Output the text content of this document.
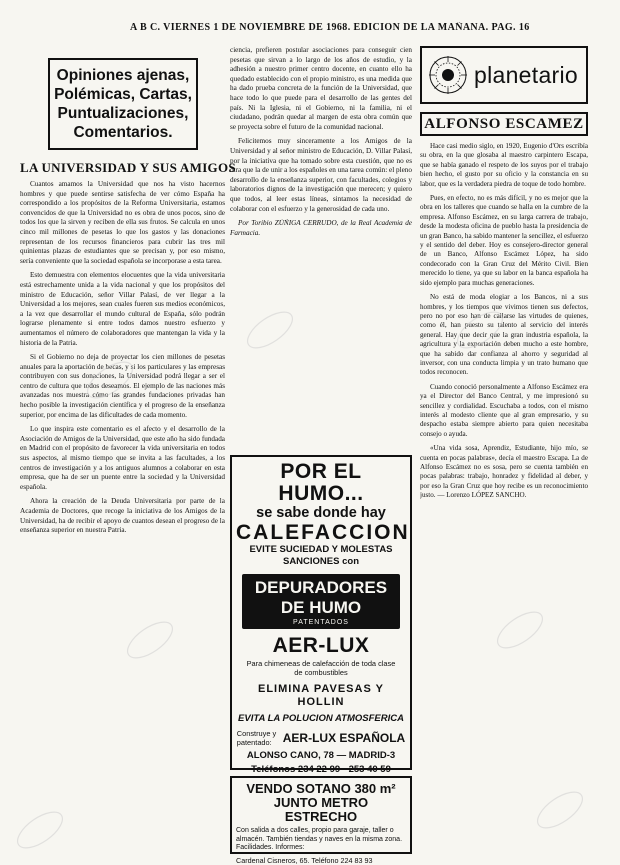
A B C. VIERNES 1 DE NOVIEMBRE DE 1968. EDICION DE LA MAÑANA. PAG. 16
Opiniones ajenas,
Polémicas, Cartas,
Puntualizaciones,
Comentarios.
LA UNIVERSIDAD Y SUS AMIGOS

Cuantos amamos la Universidad que nos ha visto hacernos hombres y que puede sentirse satisfecha de ver cómo España ha correspondido a los propósitos de la Reforma Universitaria, estamos convencidos de que la Universidad no es obra de unos pocos, sino de todos los que la sirven y reciben de ella sus frutos. Se calcula en unos cinco mil millones de pesetas lo que los gastos y las donaciones representan de los recursos financieros para cubrir las tres mil quinientas plazas de estudiantes que se precisan y, por eso mismo, sería conveniente que la sociedad española se incorporase a esta tarea.

Esto demuestra con elementos elocuentes que la vida universitaria está estrechamente unida a la vida nacional y que los propósitos del ministro de Educación, señor Villar Palasí, de ver llegar a la Universidad a los mejores, sean cuales fueren sus medios económicos, a la vez que desarrollar el mundo cultural de España, sólo podrán lograrse plenamente si entre todos damos nuestro esfuerzo y aumentamos el número de colaboradores que mantengan la vida y la historia de la Patria.

Si el Gobierno no deja de proyectar los cien millones de pesetas anuales para la aportación de becas, y si los particulares y las empresas contribuyen con sus donaciones, la Universidad podrá llegar a ser el centro de cultura que todos deseamos. El ejemplo de las naciones más avanzadas nos muestra cómo las grandes fundaciones privadas han hecho posible la investigación científica y el progreso de la enseñanza superior, por encima de las dificultades de cada momento.

Lo que inspira este comentario es el afecto y el desarrollo de la Asociación de Amigos de la Universidad, que este año ha sido fundada en Madrid con el propósito de favorecer la vida universitaria en todos sus aspectos, al mismo tiempo que se invita a las facultades, a los centros de investigación y a los antiguos alumnos a colaborar en esta empresa, que ha de ser un puente entre la sociedad y la Universidad española.

Ahora la creación de la Deuda Universitaria por parte de la Academia de Doctores, que recoge la iniciativa de los Amigos de la Universidad, ha de recibir el apoyo de cuantos desean el progreso de la enseñanza superior en nuestra Patria.

ciencia, prefieren postular asociaciones para conseguir cien pesetas que sirvan a lo largo de los años de estudio, y la adhesión a nuestro primer centro docente, en cuanto ello ha quedado establecido con el propio ministro, es una medida que ha dado prueba concreta de la función de la Universidad, que hace todo lo que puede para el desarrollo de las gentes del país. Ni la Iglesia, ni el Gobierno, ni la familia, ni el ciudadano, podrán quedar al margen de esta obra común que se proyecta sobre el futuro de la comunidad nacional.

Felicitemos muy sinceramente a los Amigos de la Universidad y al señor ministro de Educación, D. Villar Palasí, por la iniciativa que ha tomado sobre esta cuestión, que no es otra que la de unir a los españoles en una tarea común: el pleno desarrollo de la enseñanza superior, con facultades, colegios y laboratorios dignos de la investigación que merecen; y quiero que todos, al leer estas líneas, sintamos la necesidad de colaborar con el esfuerzo y la generosidad de cada uno.

Por Toribio ZÚÑIGA CERRUDO, de la Real Academia de Farmacia.

POR EL HUMO...
se sabe donde hay
CALEFACCION
EVITE SUCIEDAD Y MOLESTAS SANCIONES con
DEPURADORES DE HUMO
PATENTADOS
AER-LUX
Para chimeneas de calefacción de toda clase de combustibles
ELIMINA PAVESAS Y HOLLIN
EVITA LA POLUCION ATMOSFERICA
Construye y patentado: AER-LUX ESPAÑOLA
ALONSO CANO, 78 — MADRID-3
Teléfonos 234 22 99 - 253 40 59
VENDO SOTANO 380 m² JUNTO METRO ESTRECHO
Con salida a dos calles, propio para garaje, taller o almacén. También tiendas y naves en la misma zona. Facilidades. Informes:
Cardenal Cisneros, 65. Teléfono 224 83 93
planetario
ALFONSO ESCAMEZ

Hace casi medio siglo, en 1920, Eugenio d'Ors escribía su obra, en la que glosaba al maestro carpintero Escapa, que se había ganado el respeto de los suyos por el trabajo bien hecho, el gusto por su oficio y la constancia en su labor, que es la verdadera piedra de toque de todo hombre.

Pues, en efecto, no es más difícil, y no es mejor que la obra en los talleres que cuando se halla en la cumbre de la empresa. Alfonso Escámez, en su larga carrera de trabajo, desde la modesta oficina de pueblo hasta la presidencia de un gran Banco, ha sabido mantener la sencillez, el esfuerzo y el sentido del deber. Hoy es consejero-director general de un Banco, Alfonso Escámez López, ha sido condecorado con la Gran Cruz del Mérito Civil. Bien merecido lo tiene, ya que su labor en la banca española ha sido ejemplo para muchas generaciones.

No está de moda elogiar a los Bancos, ni a sus hombres, y los tiempos que vivimos tienen sus defectos, pero no por eso han de callarse las virtudes de quienes, como él, han puesto su talento al servicio del interés general. Hay que decir que la gran industria española, la agricultura y la exportación deben mucho a este hombre, que ha sabido dar confianza al ahorro y seguridad al inversor, con una conducta limpia y un trato humano que todos reconocen.

Cuando conoció personalmente a Alfonso Escámez era ya el Director del Banco Central, y me impresionó su sencillez y cordialidad. Escuchaba a todos, con el mismo interés al modesto cliente que al gran empresario, y su despacho estaba siempre abierto para quien necesitaba consejo o ayuda.

«Una vida sosa, Aprendiz, Estudiante, hijo mío, se cuenta en pocas palabras», decía el maestro Escapa. La de Alfonso Escámez no es sosa, pero se cuenta también en pocas palabras: trabajo, honradez y fidelidad al deber, y por eso la Gran Cruz que hoy recibe es un reconocimiento justo. — Lorenzo LÓPEZ SANCHO.
